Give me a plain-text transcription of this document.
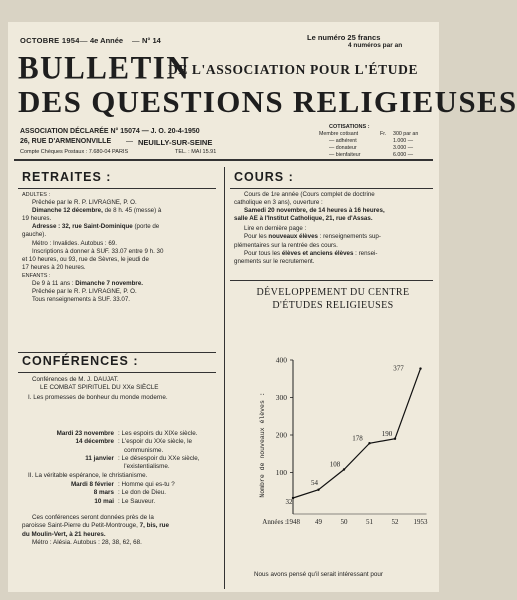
OCTOBRE 1954 — 4e Année — N° 14	Le numéro 25 francs
4 numéros par an
BULLETIN
DE L'ASSOCIATION POUR L'ÉTUDE
DES QUESTIONS RELIGIEUSES
ASSOCIATION DÉCLARÉE N° 15074 — J. O. 20-4-1950
26, RUE D'ARMENONVILLE — NEUILLY-SUR-SEINE
Compte Chèques Postaux : 7.680-04 PARIS	TEL. : MAI 15.91
COTISATIONS :
RETRAITES :

ADULTES :

Prêchée par le R. P. LIVRAGNE, P. O.

Dimanche 12 décembre, de 8 h. 45 (messe) à

19 heures.

Adresse : 32, rue Saint-Dominique (porte de

gauche).

Métro : Invalides. Autobus : 69.

Inscriptions à donner à SUF. 33.07 entre 9 h. 30

et 10 heures, ou 93, rue de Sèvres, le jeudi de

17 heures à 20 heures.

ENFANTS :

De 9 à 11 ans : Dimanche 7 novembre.

Prêchée par le R. P. LIVRAGNE, P. O.

Tous renseignements à SUF. 33.07.

CONFÉRENCES :

Conférences de M. J. DAUJAT.

LE COMBAT SPIRITUEL DU XXe SIÈCLE

I. Les promesses de bonheur du monde moderne.

II. La véritable espérance, le christianisme.

Ces conférences seront données près de la

paroisse Saint-Pierre du Petit-Montrouge, 7, bis, rue

du Moulin-Vert, à 21 heures.

Métro : Alésia. Autobus : 28, 38, 62, 68.

COURS :

Cours de 1re année (Cours complet de doctrine

catholique en 3 ans), ouverture :

Samedi 20 novembre, de 14 heures à 16 heures,

salle AE à l'Institut Catholique, 21, rue d'Assas.

Lire en dernière page :

Pour les nouveaux élèves : renseignements sup-

plémentaires sur la rentrée des cours.

Pour tous les élèves et anciens élèves : rensei-

gnements sur le recrutement.

DÉVELOPPEMENT DU CENTRE
D'ÉTUDES RELIGIEUSES
100
200
300
400
Nombre de nouveaux élèves :
32
54
108
178
190
377
Années : 1948 49	50	51	52 1953
Nous avons pensé qu'il serait intéressant pour
Membre cotisant	Fr. 300 par an
— adhérent	1.000 —
— donateur	3.000 —
— bienfaiteur	6.000 —
Mardi 23 novembre : Les espoirs du XIXe siècle.
14 décembre : L'espoir du XXe siècle, le
communisme.
11 janvier : Le désespoir du XXe siècle,
l'existentialisme.
Mardi 8 février : Homme qui es-tu ?
8 mars : Le don de Dieu.
10 mai : Le Sauveur.
